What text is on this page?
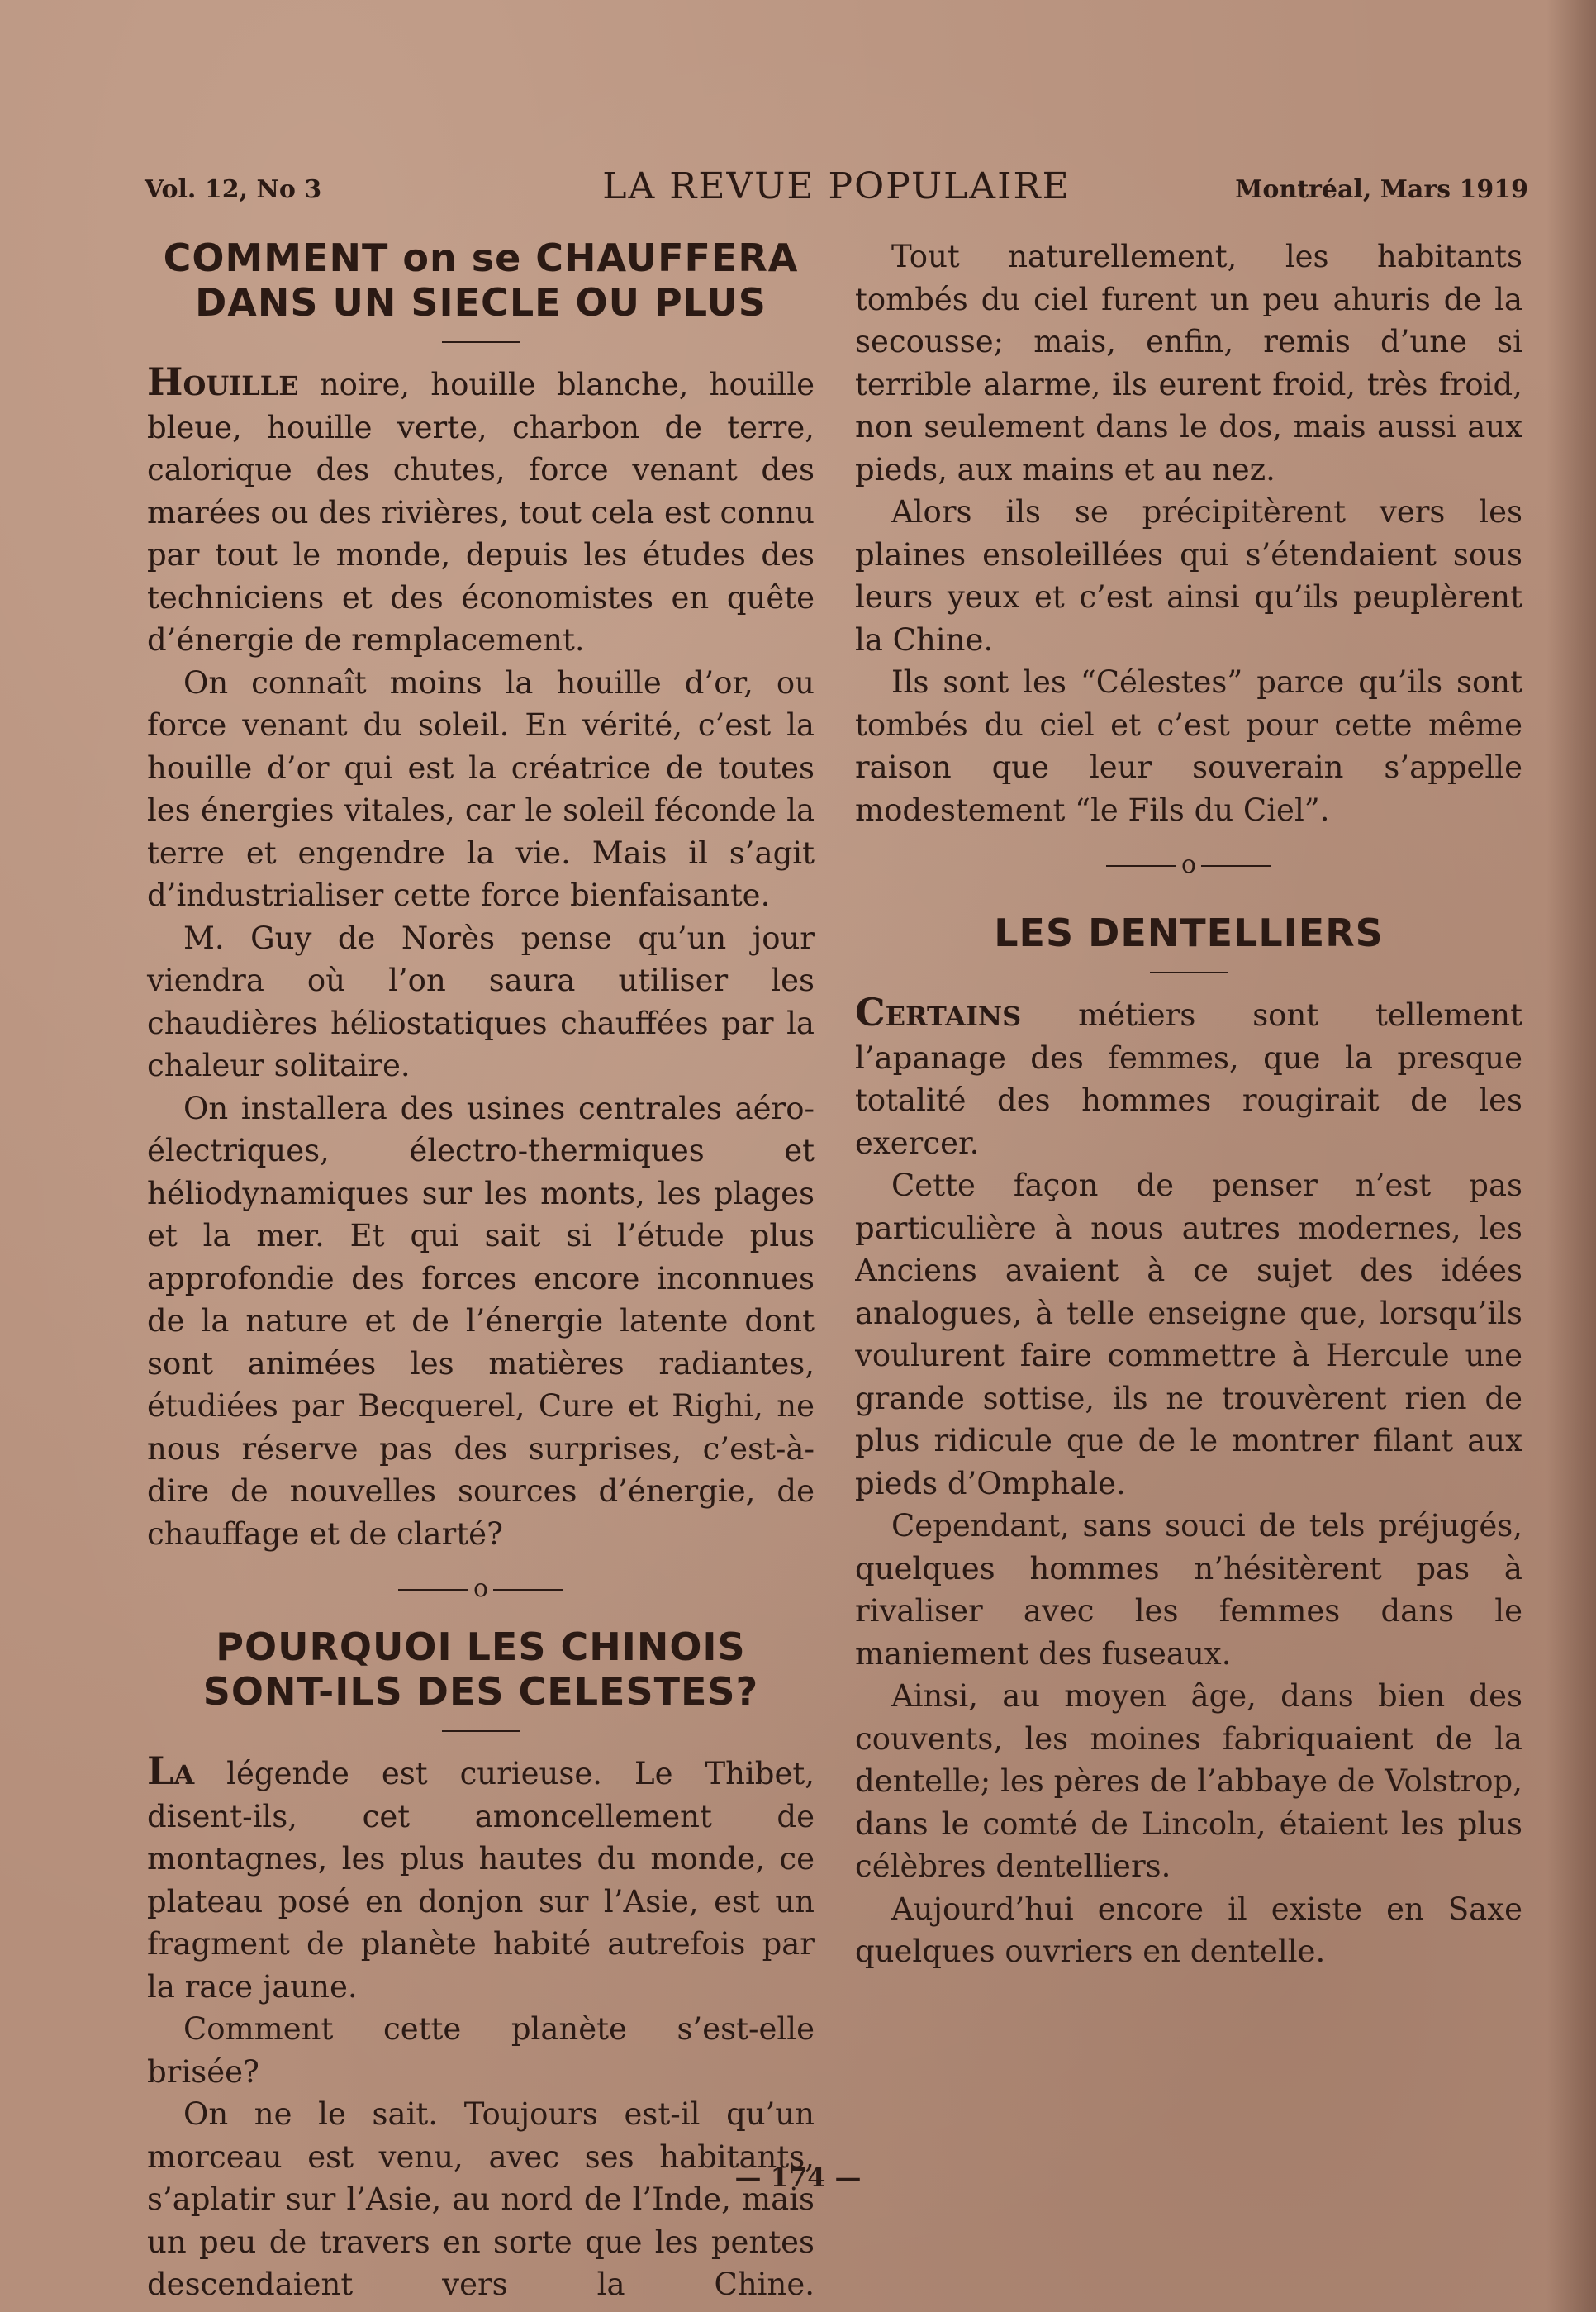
Vol. 12, No 3	LA REVUE POPULAIRE	Montréal, Mars 1919
COMMENT on se CHAUFFERA DANS UN SIECLE OU PLUS

Houille noire, houille blanche, houille bleue, houille verte, charbon de terre, calorique des chutes, force venant des marées ou des rivières, tout cela est connu par tout le monde, depuis les études des techniciens et des économistes en quête d’énergie de remplacement.

On connaît moins la houille d’or, ou force venant du soleil. En vérité, c’est la houille d’or qui est la créatrice de toutes les énergies vitales, car le soleil féconde la terre et engendre la vie. Mais il s’agit d’industrialiser cette force bienfaisante.

M. Guy de Norès pense qu’un jour viendra où l’on saura utiliser les chaudières héliostatiques chauffées par la chaleur solitaire.

On installera des usines centrales aéro-électriques, électro-thermiques et héliodynamiques sur les monts, les plages et la mer. Et qui sait si l’étude plus approfondie des forces encore inconnues de la nature et de l’énergie latente dont sont animées les matières radiantes, étudiées par Becquerel, Cure et Righi, ne nous réserve pas des surprises, c’est-à-dire de nouvelles sources d’énergie, de chauffage et de clarté?

o
POURQUOI LES CHINOIS SONT-ILS DES CELESTES?

La légende est curieuse. Le Thibet, disent-ils, cet amoncellement de montagnes, les plus hautes du monde, ce plateau posé en donjon sur l’Asie, est un fragment de planète habité autrefois par la race jaune.

Comment cette planète s’est-elle brisée?

On ne le sait. Toujours est-il qu’un morceau est venu, avec ses habitants, s’aplatir sur l’Asie, au nord de l’Inde, mais un peu de travers en sorte que les pentes descendaient vers la Chine.

Tout naturellement, les habitants tombés du ciel furent un peu ahuris de la secousse; mais, enfin, remis d’une si terrible alarme, ils eurent froid, très froid, non seulement dans le dos, mais aussi aux pieds, aux mains et au nez.

Alors ils se précipitèrent vers les plaines ensoleillées qui s’étendaient sous leurs yeux et c’est ainsi qu’ils peuplèrent la Chine.

Ils sont les “Célestes” parce qu’ils sont tombés du ciel et c’est pour cette même raison que leur souverain s’appelle modestement “le Fils du Ciel”.

o
LES DENTELLIERS

Certains métiers sont tellement l’apanage des femmes, que la presque totalité des hommes rougirait de les exercer.

Cette façon de penser n’est pas particulière à nous autres modernes, les Anciens avaient à ce sujet des idées analogues, à telle enseigne que, lorsqu’ils voulurent faire commettre à Hercule une grande sottise, ils ne trouvèrent rien de plus ridicule que de le montrer filant aux pieds d’Omphale.

Cependant, sans souci de tels préjugés, quelques hommes n’hésitèrent pas à rivaliser avec les femmes dans le maniement des fuseaux.

Ainsi, au moyen âge, dans bien des couvents, les moines fabriquaient de la dentelle; les pères de l’abbaye de Volstrop, dans le comté de Lincoln, étaient les plus célèbres dentelliers.

Aujourd’hui encore il existe en Saxe quelques ouvriers en dentelle.

— 174 —
